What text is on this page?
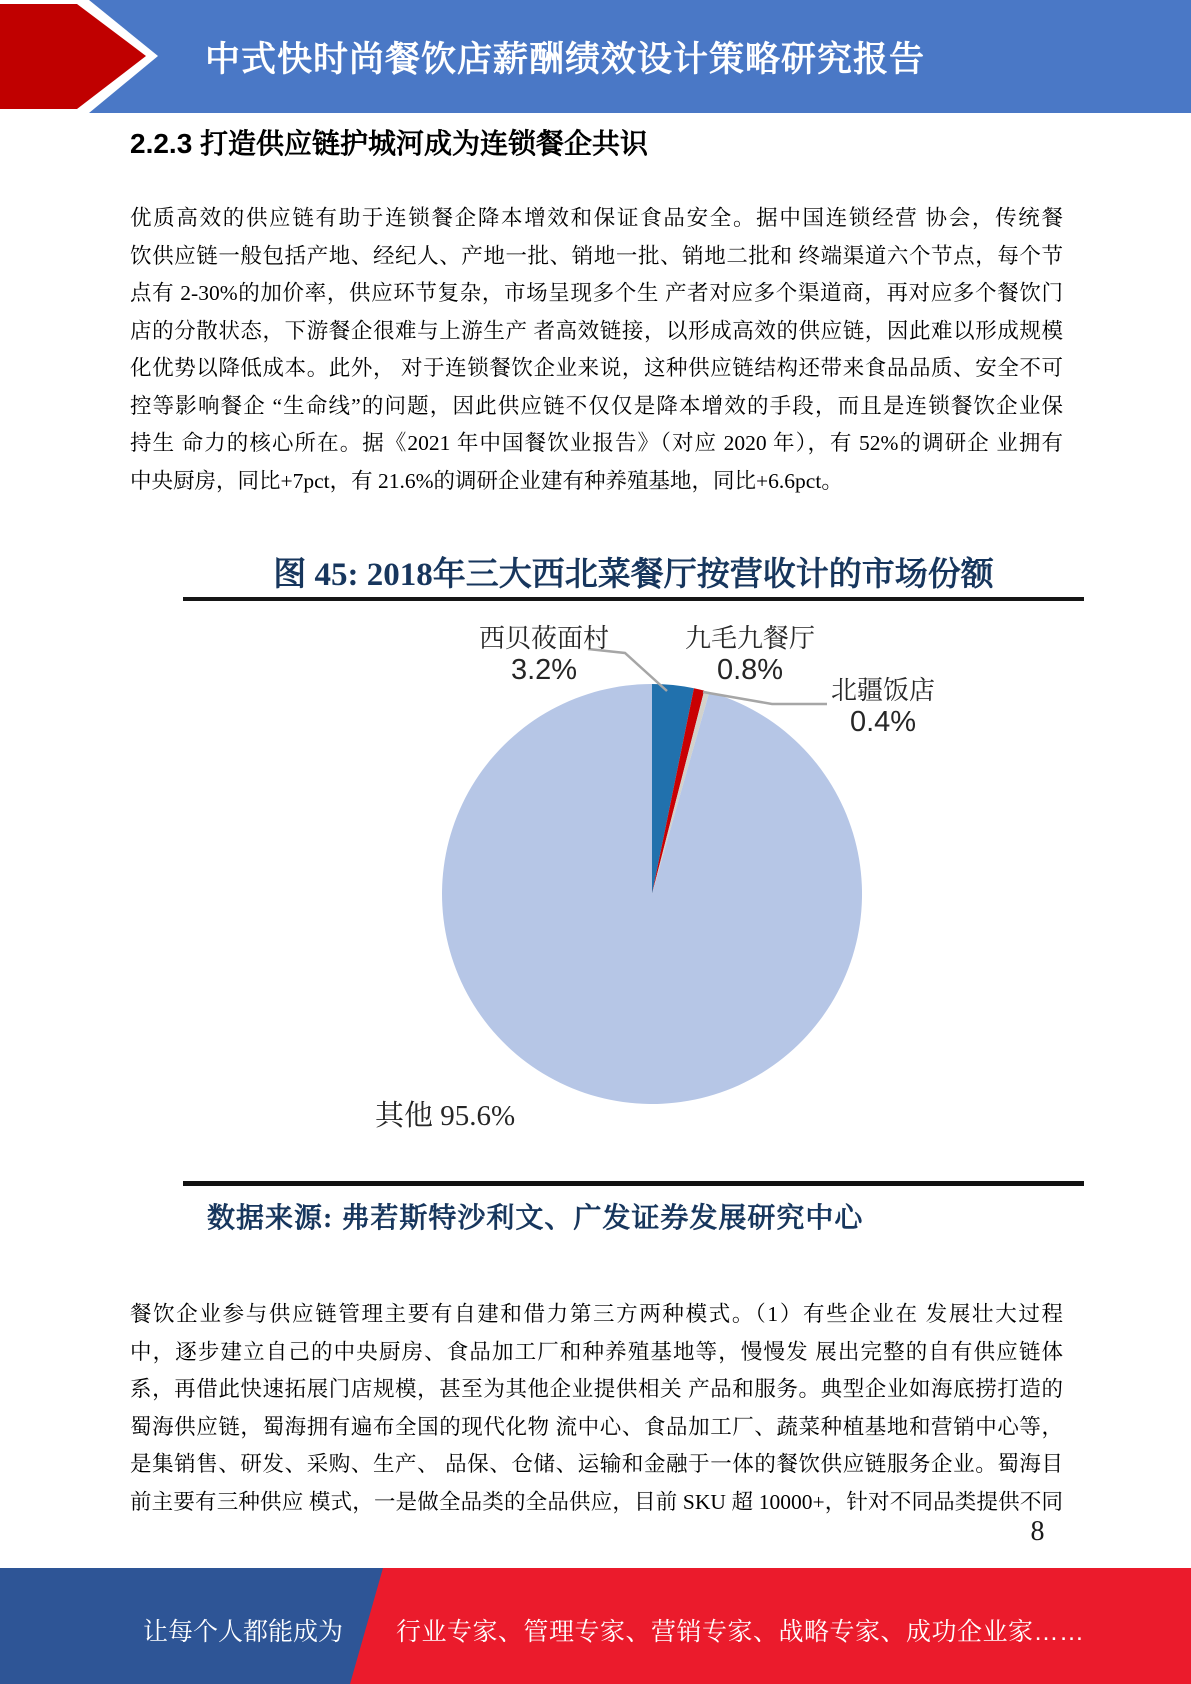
中式快时尚餐饮店薪酬绩效设计策略研究报告
2.2.3 打造供应链护城河成为连锁餐企共识
优质高效的供应链有助于连锁餐企降本增效和保证食品安全。据中国连锁经营 协会，传统餐
饮供应链一般包括产地、经纪人、产地一批、销地一批、销地二批和 终端渠道六个节点，每个节
点有 2-30%的加价率，供应环节复杂，市场呈现多个生 产者对应多个渠道商，再对应多个餐饮门
店的分散状态，下游餐企很难与上游生产 者高效链接，以形成高效的供应链，因此难以形成规模
化优势以降低成本。此外， 对于连锁餐饮企业来说，这种供应链结构还带来食品品质、安全不可
控等影响餐企 “生命线”的问题，因此供应链不仅仅是降本增效的手段，而且是连锁餐饮企业保
持生 命力的核心所在。据《2021 年中国餐饮业报告》（对应 2020 年），有 52%的调研企 业拥有
中央厨房，同比+7pct，有 21.6%的调研企业建有种养殖基地，同比+6.6pct。
图 45: 2018年三大西北菜餐厅按营收计的市场份额
西贝莜面村
3.2%
九毛九餐厅
0.8%
北疆饭店
0.4%
其他 95.6%
数据来源: 弗若斯特沙利文、广发证券发展研究中心
餐饮企业参与供应链管理主要有自建和借力第三方两种模式。（1）有些企业在 发展壮大过程
中，逐步建立自己的中央厨房、食品加工厂和种养殖基地等，慢慢发 展出完整的自有供应链体
系，再借此快速拓展门店规模，甚至为其他企业提供相关 产品和服务。典型企业如海底捞打造的
蜀海供应链，蜀海拥有遍布全国的现代化物 流中心、食品加工厂、蔬菜种植基地和营销中心等，
是集销售、研发、采购、生产、 品保、仓储、运输和金融于一体的餐饮供应链服务企业。蜀海目
前主要有三种供应 模式，一是做全品类的全品供应，目前 SKU 超 10000+，针对不同品类提供不同
8
让每个人都能成为 行业专家、管理专家、营销专家、战略专家、成功企业家……
